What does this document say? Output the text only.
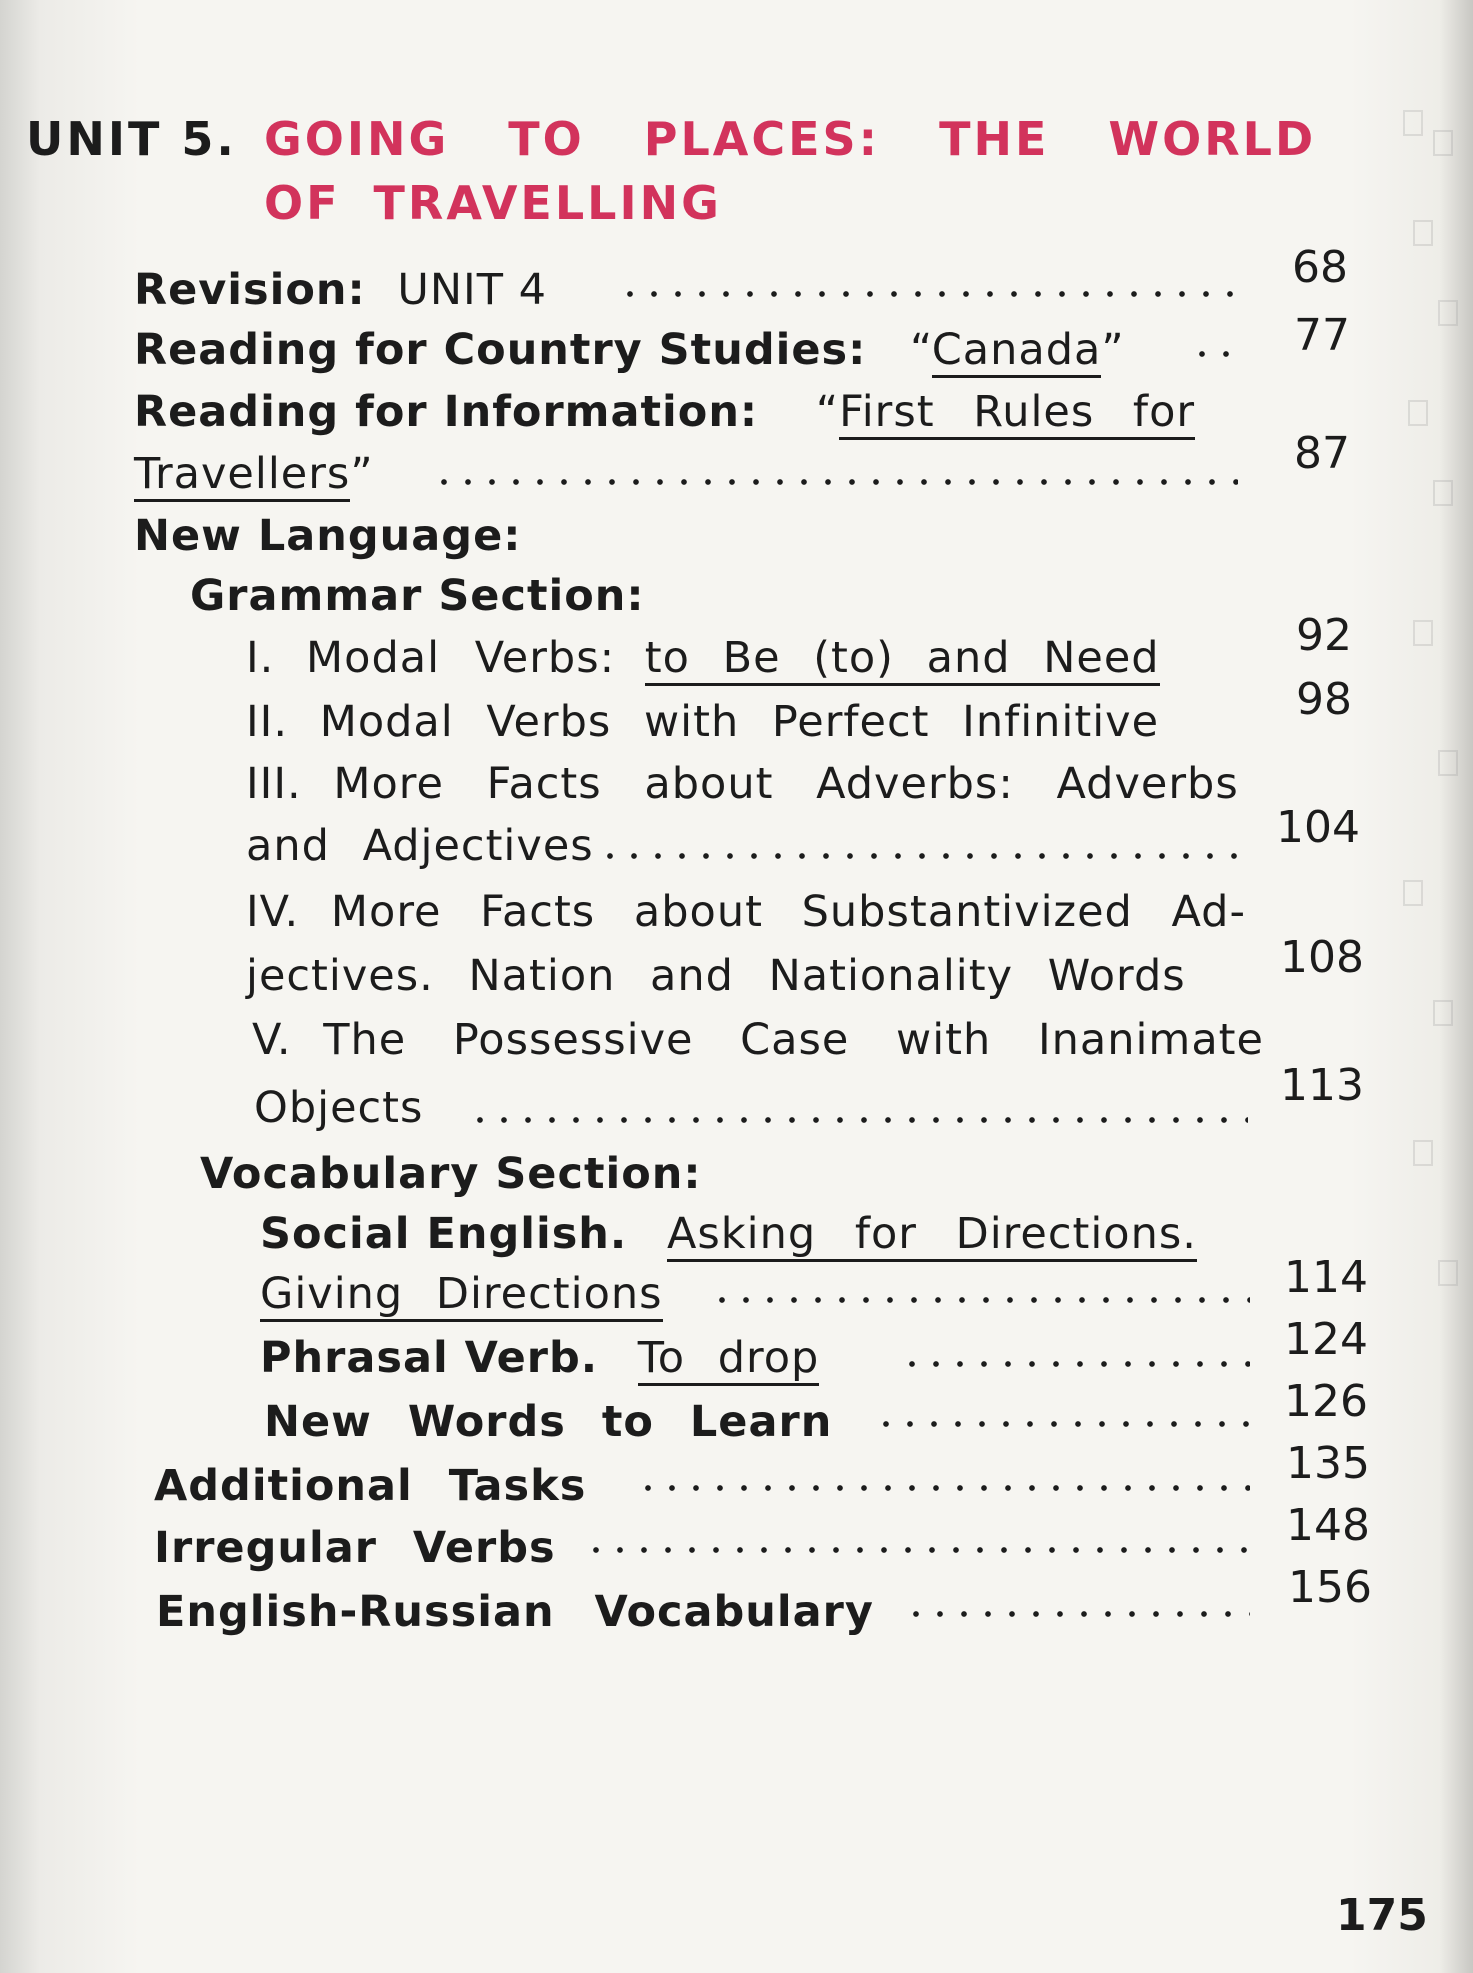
UNIT 5. GOING TO PLACES: THE WORLD
OF TRAVELLING
Revision: UNIT 4	68
Reading for Country Studies: “Canada”	77
Reading for Information: “First Rules for
Travellers”	87
New Language:
Grammar Section:
I. Modal Verbs: to Be (to) and Need	92
II. Modal Verbs with Perfect Infinitive	98
III. More Facts about Adverbs: Adverbs
and Adjectives	104
IV. More Facts about Substantivized Ad-
jectives. Nation and Nationality Words 108
V. The Possessive Case with Inanimate
Objects	113
Vocabulary Section:
Social English. Asking for Directions.
Giving Directions	114
Phrasal Verb. To drop	124
New Words to Learn	126
Additional Tasks	135
Irregular Verbs	148
English-Russian Vocabulary	156
175
